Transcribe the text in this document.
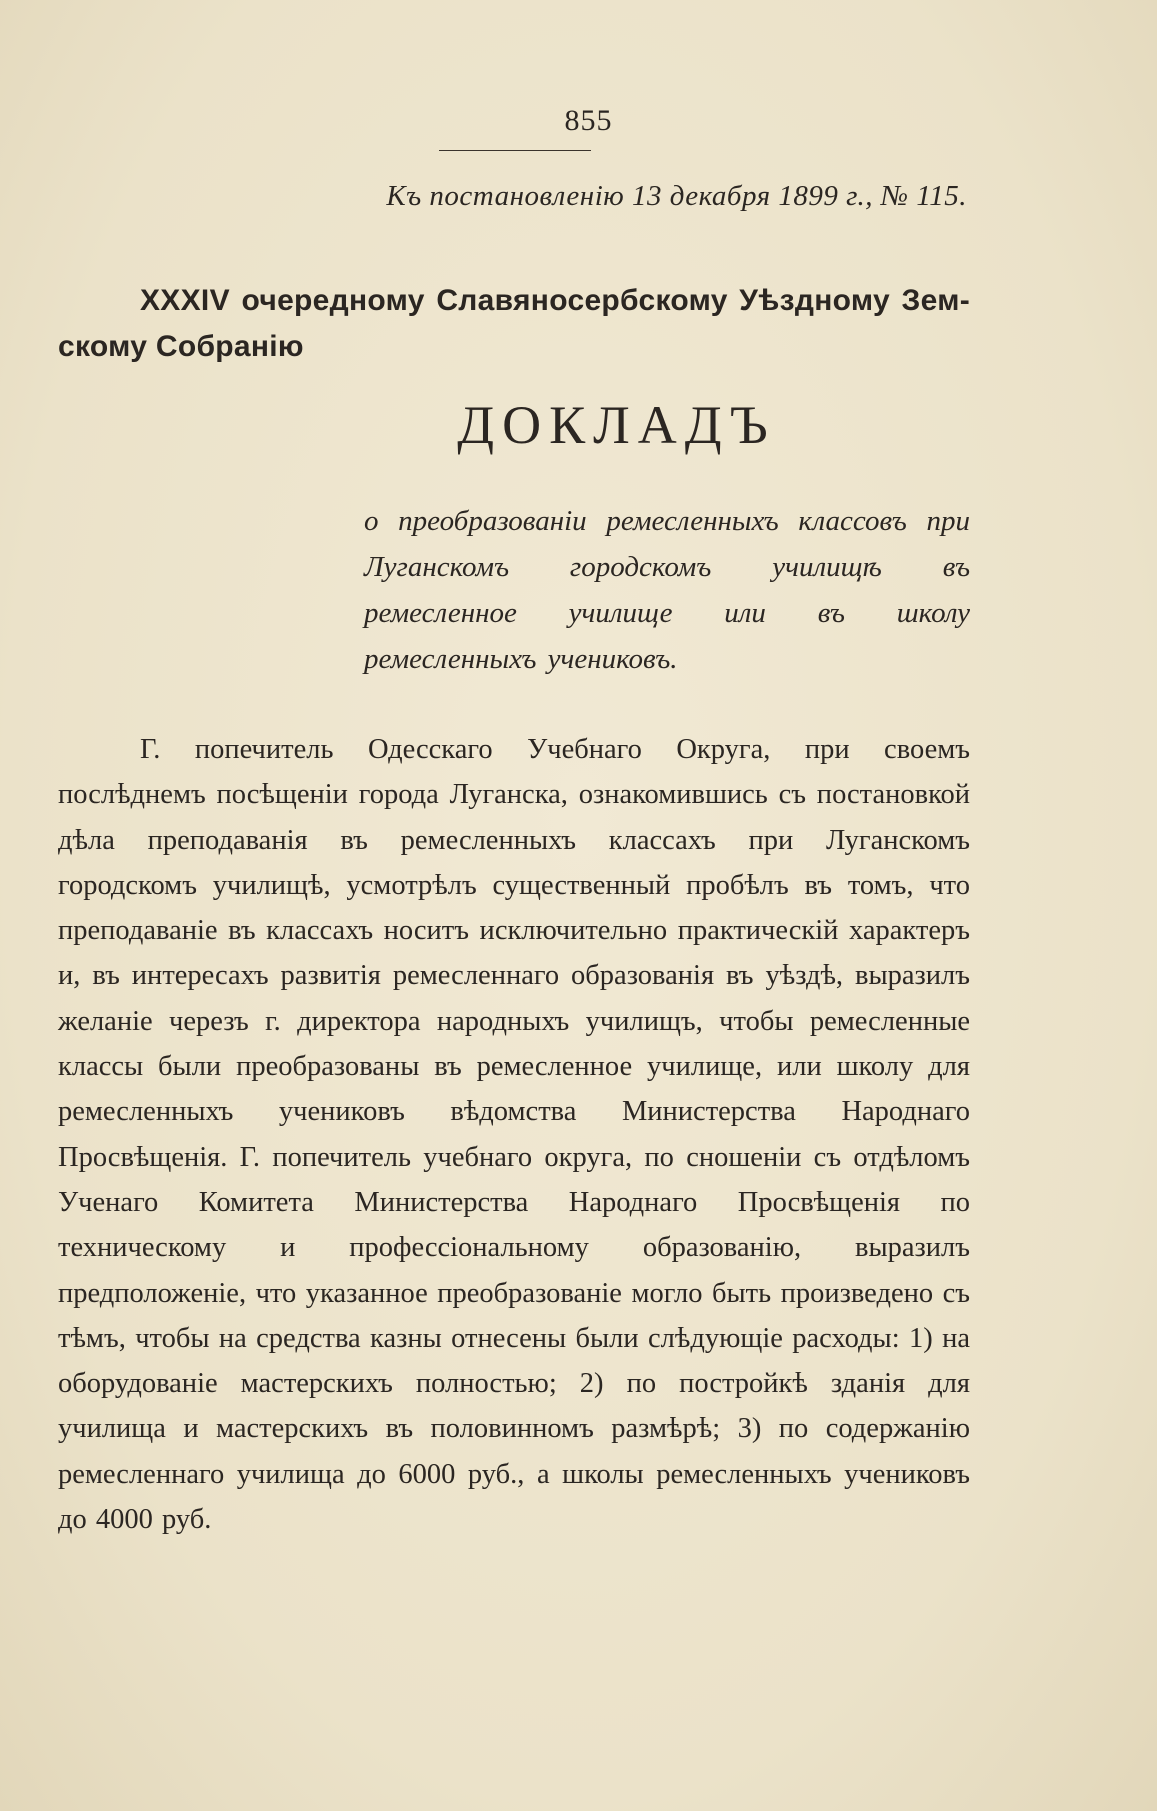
855
Къ постановленію 13 декабря 1899 г., № 115.
XXXIV очередному Славяносербскому Уѣздному Зем-
скому Собранію
ДОКЛАДЪ
о преобразованіи ремесленныхъ классовъ при Луганскомъ городскомъ училищѣ въ ремесленное училище или въ школу ремесленныхъ учениковъ.
Г. попечитель Одесскаго Учебнаго Округа, при своемъ послѣднемъ посѣщеніи города Луганска, ознакомившись съ постановкой дѣла преподаванія въ ремесленныхъ классахъ при Луганскомъ городскомъ училищѣ, усмотрѣлъ существенный пробѣлъ въ томъ, что преподаваніе въ классахъ носитъ исключительно практическій характеръ и, въ интересахъ развитія ремесленнаго образованія въ уѣздѣ, выразилъ желаніе черезъ г. директора народныхъ училищъ, чтобы ремесленные классы были преобразованы въ ремесленное училище, или школу для ремесленныхъ учениковъ вѣдомства Министерства Народнаго Просвѣщенія. Г. попечитель учебнаго округа, по сношеніи съ отдѣломъ Ученаго Комитета Министерства Народнаго Просвѣщенія по техническому и профессіональному образованію, выразилъ предположеніе, что указанное преобразованіе могло быть произведено съ тѣмъ, чтобы на средства казны отнесены были слѣдующіе расходы: 1) на оборудованіе мастерскихъ полностью; 2) по постройкѣ зданія для училища и мастерскихъ въ половинномъ размѣрѣ; 3) по содержанію ремесленнаго училища до 6000 руб., а школы ремесленныхъ учениковъ до 4000 руб.
